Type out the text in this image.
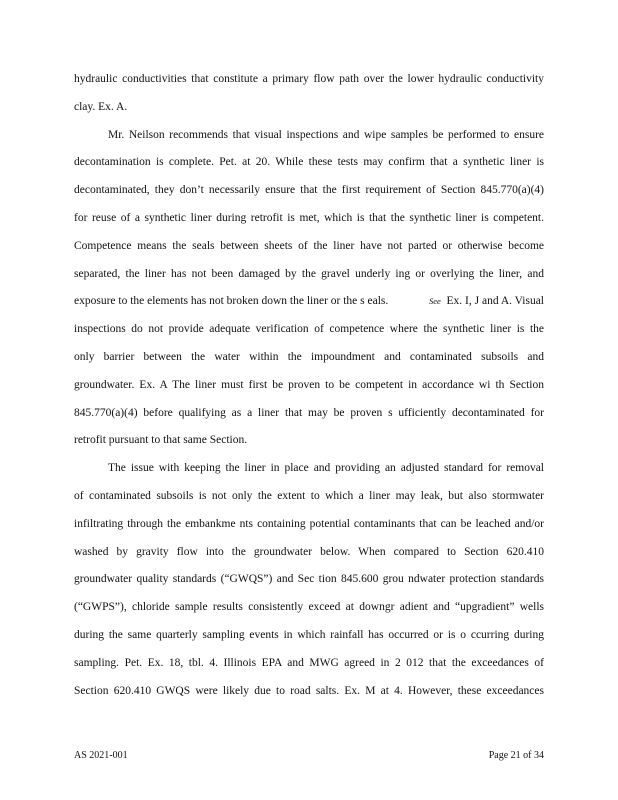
hydraulic conductivities that constitute a primary flow path over the lower hydraulic conductivity
clay. Ex. A.
Mr. Neilson recommends that visual inspections and wipe samples be performed to ensure
decontamination is complete. Pet. at 20. While these tests may confirm that a synthetic liner is
decontaminated, they don’t necessarily ensure that the first requirement of Section 845.770(a)(4)
for reuse of a synthetic liner during retrofit is met, which is that the synthetic liner is competent.
Competence means the seals between sheets of the liner have not parted or otherwise become
separated, the liner has not been damaged by the gravel underly ing or overlying the liner, and
exposure to the elements has not broken down the liner or the s eals.	See Ex. I, J and A. Visual
inspections do not provide adequate verification of competence where the synthetic liner is the
only barrier between the water within the impoundment and contaminated subsoils and
groundwater. Ex. A The liner must first be proven to be competent in accordance wi th Section
845.770(a)(4) before qualifying as a liner that may be proven s ufficiently decontaminated for
retrofit pursuant to that same Section.
The issue with keeping the liner in place and providing an adjusted standard for removal
of contaminated subsoils is not only the extent to which a liner may leak, but also stormwater
infiltrating through the embankme nts containing potential contaminants that can be leached and/or
washed by gravity flow into the groundwater below. When compared to Section 620.410
groundwater quality standards (“GWQS”) and Sec tion 845.600 grou ndwater protection standards
(“GWPS”), chloride sample results consistently exceed at downgr adient and “upgradient” wells
during the same quarterly sampling events in which rainfall has occurred or is o ccurring during
sampling. Pet. Ex. 18, tbl. 4. Illinois EPA and MWG agreed in 2 012 that the exceedances of
Section 620.410 GWQS were likely due to road salts. Ex. M at 4. However, these exceedances
AS 2021-001	Page 21 of 34
